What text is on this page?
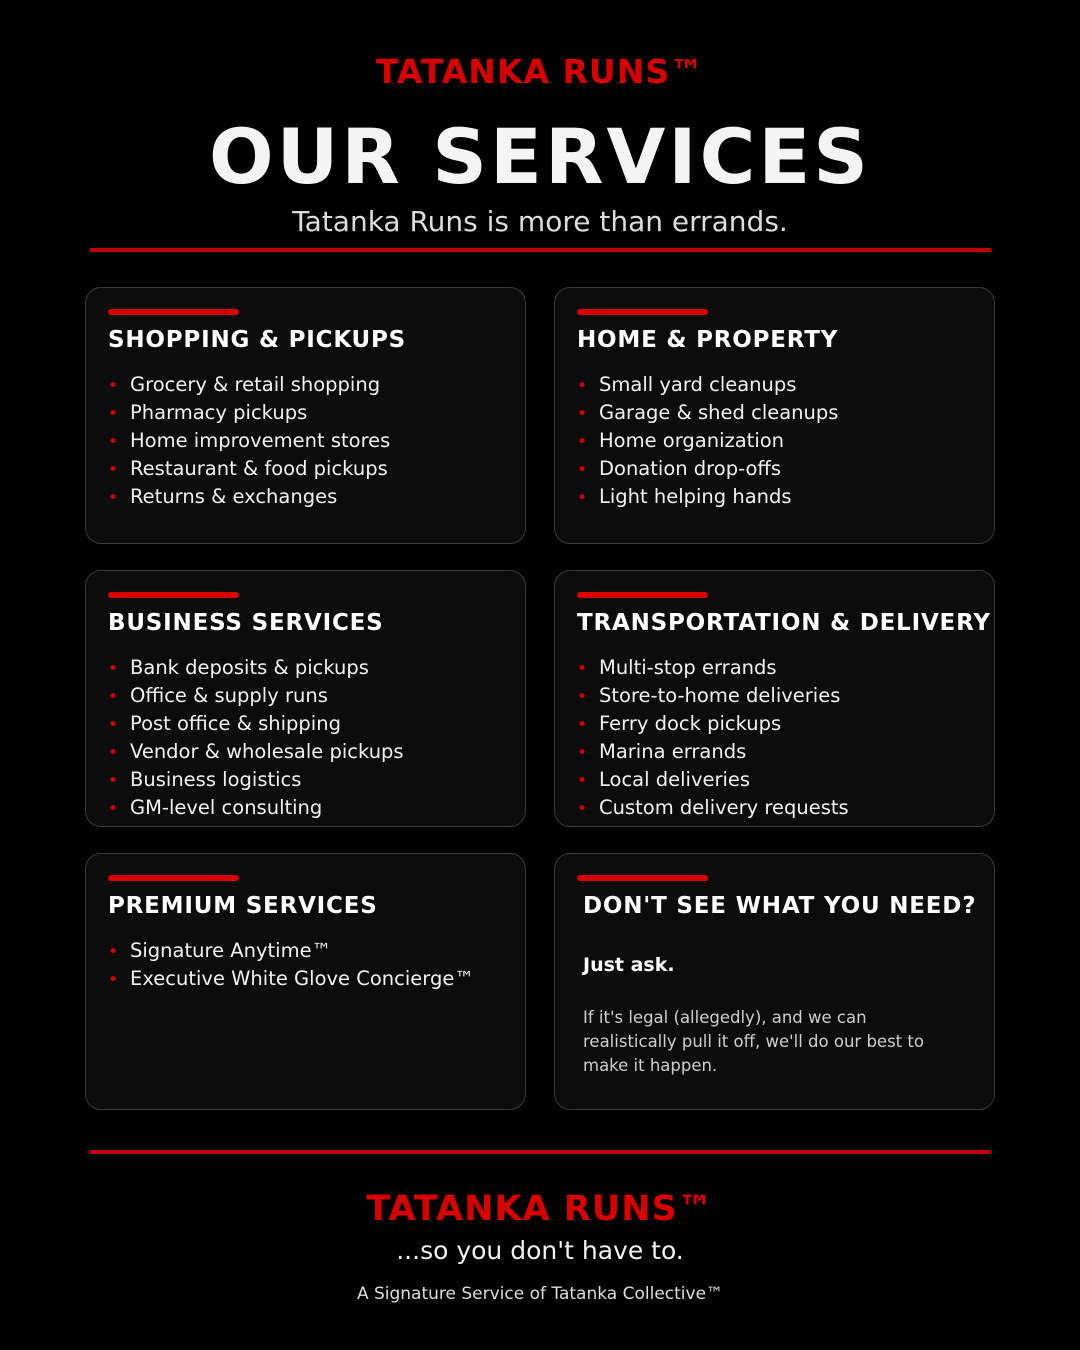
TATANKA RUNS™
OUR SERVICES
Tatanka Runs is more than errands.
SHOPPING & PICKUPS
• Grocery & retail shopping
• Pharmacy pickups
• Home improvement stores
• Restaurant & food pickups
• Returns & exchanges
HOME & PROPERTY
• Small yard cleanups
• Garage & shed cleanups
• Home organization
• Donation drop-offs
• Light helping hands
BUSINESS SERVICES
• Bank deposits & pickups
• Office & supply runs
• Post office & shipping
• Vendor & wholesale pickups
• Business logistics
• GM-level consulting
TRANSPORTATION & DELIVERY
• Multi-stop errands
• Store-to-home deliveries
• Ferry dock pickups
• Marina errands
• Local deliveries
• Custom delivery requests
PREMIUM SERVICES
• Signature Anytime™
• Executive White Glove Concierge™
DON'T SEE WHAT YOU NEED?
Just ask.
If it's legal (allegedly), and we can realistically pull it off, we'll do our best to make it happen.
TATANKA RUNS™
...so you don't have to.
A Signature Service of Tatanka Collective™
